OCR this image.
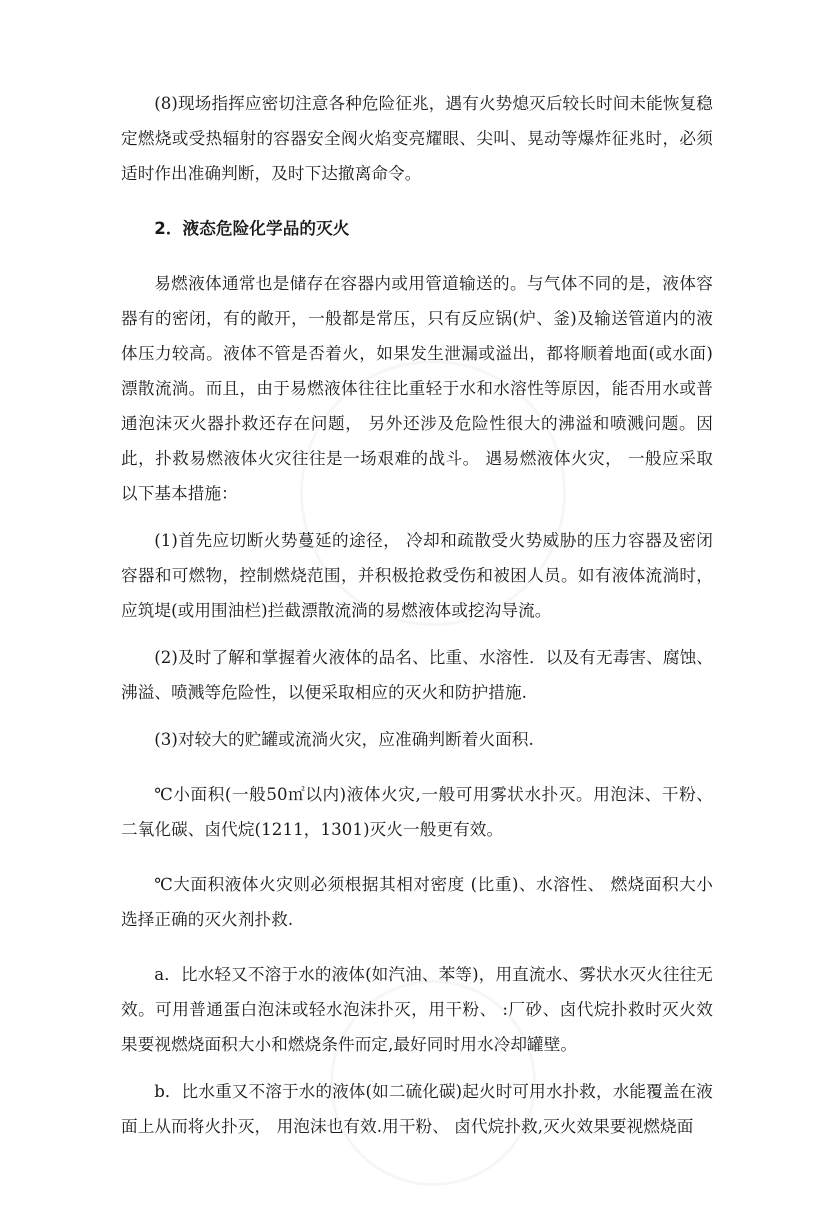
(8)现场指挥应密切注意各种危险征兆，遇有火势熄灭后较长时间未能恢复稳定燃烧或受热辐射的容器安全阀火焰变亮耀眼、尖叫、晃动等爆炸征兆时，必须适时作出准确判断，及时下达撤离命令。

2．液态危险化学品的灭火

易燃液体通常也是储存在容器内或用管道输送的。与气体不同的是，液体容器有的密闭，有的敞开，一般都是常压，只有反应锅(炉、釜)及输送管道内的液体压力较高。液体不管是否着火，如果发生泄漏或溢出，都将顺着地面(或水面)漂散流淌。而且，由于易燃液体往往比重轻于水和水溶性等原因，能否用水或普通泡沫灭火器扑救还存在问题， 另外还涉及危险性很大的沸溢和喷溅问题。因此，扑救易燃液体火灾往往是一场艰难的战斗。 遇易燃液体火灾， 一般应采取以下基本措施：

(1)首先应切断火势蔓延的途径， 冷却和疏散受火势威胁的压力容器及密闭容器和可燃物，控制燃烧范围，并积极抢救受伤和被困人员。如有液体流淌时，应筑堤(或用围油栏)拦截漂散流淌的易燃液体或挖沟导流。

(2)及时了解和掌握着火液体的品名、比重、水溶性．以及有无毒害、腐蚀、沸溢、喷溅等危险性，以便采取相应的灭火和防护措施.

(3)对较大的贮罐或流淌火灾，应准确判断着火面积.

℃小面积(一般50㎡以内)液体火灾,一般可用雾状水扑灭。用泡沫、干粉、二氧化碳、卤代烷(1211，1301)灭火一般更有效。

℃大面积液体火灾则必须根据其相对密度 (比重)、水溶性、 燃烧面积大小选择正确的灭火剂扑救.

a．比水轻又不溶于水的液体(如汽油、苯等)，用直流水、雾状水灭火往往无效。可用普通蛋白泡沫或轻水泡沫扑灭，用干粉、 :厂砂、卤代烷扑救时灭火效果要视燃烧面积大小和燃烧条件而定,最好同时用水冷却罐壁。

b．比水重又不溶于水的液体(如二硫化碳)起火时可用水扑救，水能覆盖在液面上从而将火扑灭， 用泡沫也有效.用干粉、 卤代烷扑救,灭火效果要视燃烧面
